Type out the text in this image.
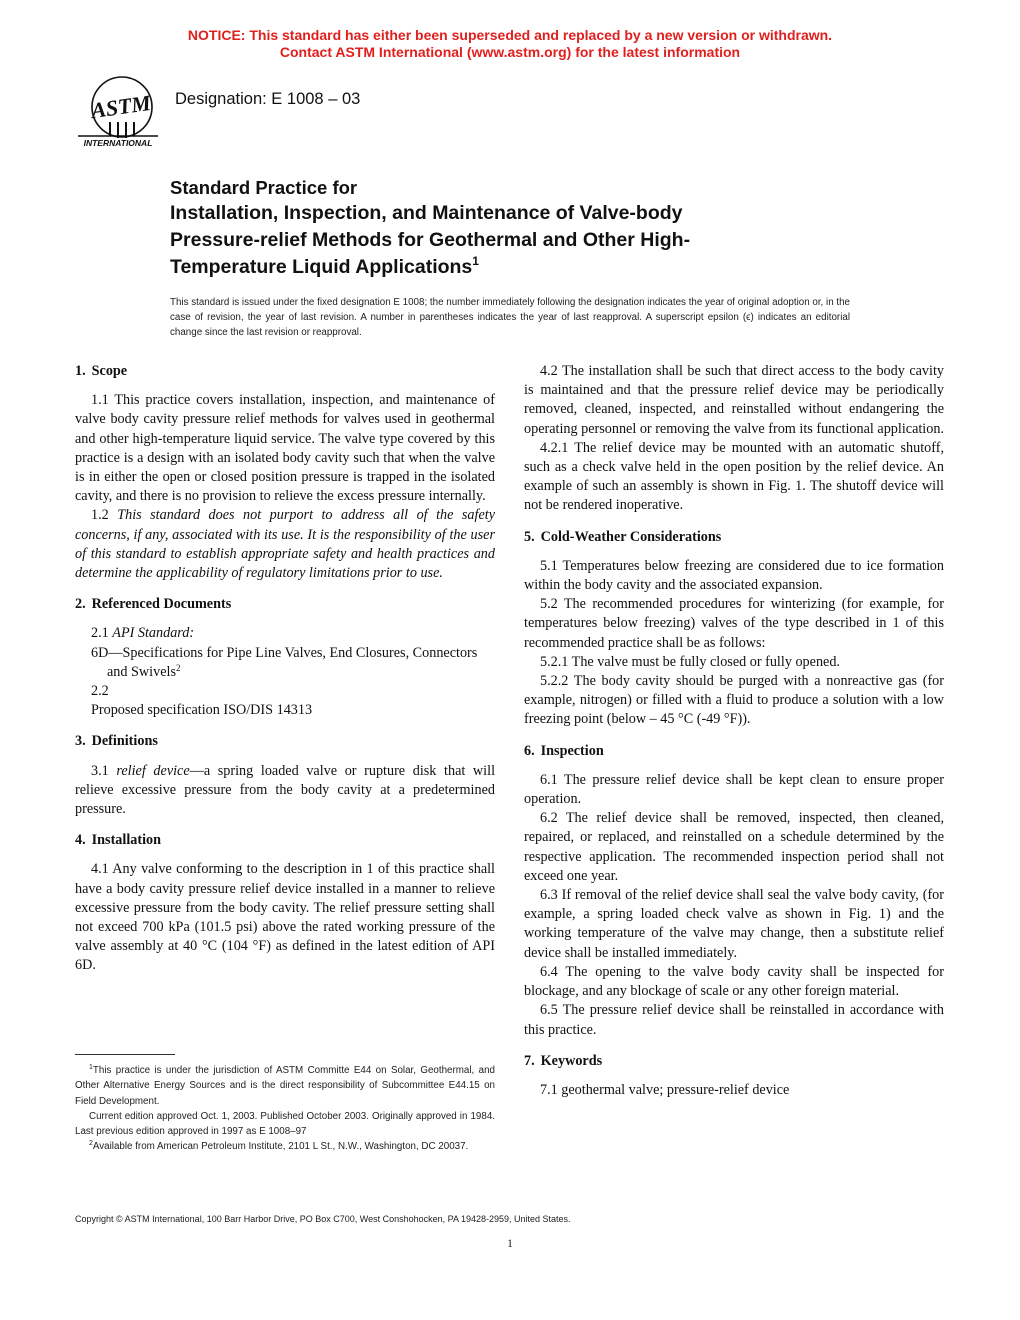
NOTICE: This standard has either been superseded and replaced by a new version or withdrawn.
Contact ASTM International (www.astm.org) for the latest information
ASTM
INTERNATIONAL
Designation: E 1008 – 03
Standard Practice for
Installation, Inspection, and Maintenance of Valve-body
Pressure-relief Methods for Geothermal and Other High-
Temperature Liquid Applications$^1$
This standard is issued under the fixed designation E 1008; the number immediately following the designation indicates the year of original adoption or, in the case of revision, the year of last revision. A number in parentheses indicates the year of last reapproval. A superscript epsilon (ϵ) indicates an editorial change since the last revision or reapproval.
1. Scope

1.1 This practice covers installation, inspection, and maintenance of valve body cavity pressure relief methods for valves used in geothermal and other high-temperature liquid service. The valve type covered by this practice is a design with an isolated body cavity such that when the valve is in either the open or closed position pressure is trapped in the isolated cavity, and there is no provision to relieve the excess pressure internally.

1.2 This standard does not purport to address all of the safety concerns, if any, associated with its use. It is the responsibility of the user of this standard to establish appropriate safety and health practices and determine the applicability of regulatory limitations prior to use.

2. Referenced Documents
2.1 API Standard:
6D—Specifications for Pipe Line Valves, End Closures, Connectors and Swivels$^2$
2.2
Proposed specification ISO/DIS 14313
3. Definitions

3.1 relief device—a spring loaded valve or rupture disk that will relieve excessive pressure from the body cavity at a predetermined pressure.

4. Installation

4.1 Any valve conforming to the description in 1 of this practice shall have a body cavity pressure relief device installed in a manner to relieve excessive pressure from the body cavity. The relief pressure setting shall not exceed 700 kPa (101.5 psi) above the rated working pressure of the valve assembly at 40 °C (104 °F) as defined in the latest edition of API 6D.

$^1$This practice is under the jurisdiction of ASTM Committe E44 on Solar, Geothermal, and Other Alternative Energy Sources and is the direct responsibility of Subcommittee E44.15 on Field Development.

Current edition approved Oct. 1, 2003. Published October 2003. Originally approved in 1984. Last previous edition approved in 1997 as E 1008–97

$^2$Available from American Petroleum Institute, 2101 L St., N.W., Washington, DC 20037.

4.2 The installation shall be such that direct access to the body cavity is maintained and that the pressure relief device may be periodically removed, cleaned, inspected, and reinstalled without endangering the operating personnel or removing the valve from its functional application.

4.2.1 The relief device may be mounted with an automatic shutoff, such as a check valve held in the open position by the relief device. An example of such an assembly is shown in Fig. 1. The shutoff device will not be rendered inoperative.

5. Cold-Weather Considerations

5.1 Temperatures below freezing are considered due to ice formation within the body cavity and the associated expansion.

5.2 The recommended procedures for winterizing (for example, for temperatures below freezing) valves of the type described in 1 of this recommended practice shall be as follows:

5.2.1 The valve must be fully closed or fully opened.

5.2.2 The body cavity should be purged with a nonreactive gas (for example, nitrogen) or filled with a fluid to produce a solution with a low freezing point (below – 45 °C (-49 °F)).

6. Inspection

6.1 The pressure relief device shall be kept clean to ensure proper operation.

6.2 The relief device shall be removed, inspected, then cleaned, repaired, or replaced, and reinstalled on a schedule determined by the respective application. The recommended inspection period shall not exceed one year.

6.3 If removal of the relief device shall seal the valve body cavity, (for example, a spring loaded check valve as shown in Fig. 1) and the working temperature of the valve may change, then a substitute relief device shall be installed immediately.

6.4 The opening to the valve body cavity shall be inspected for blockage, and any blockage of scale or any other foreign material.

6.5 The pressure relief device shall be reinstalled in accordance with this practice.

7. Keywords

7.1 geothermal valve; pressure-relief device

Copyright © ASTM International, 100 Barr Harbor Drive, PO Box C700, West Conshohocken, PA 19428-2959, United States.
1
